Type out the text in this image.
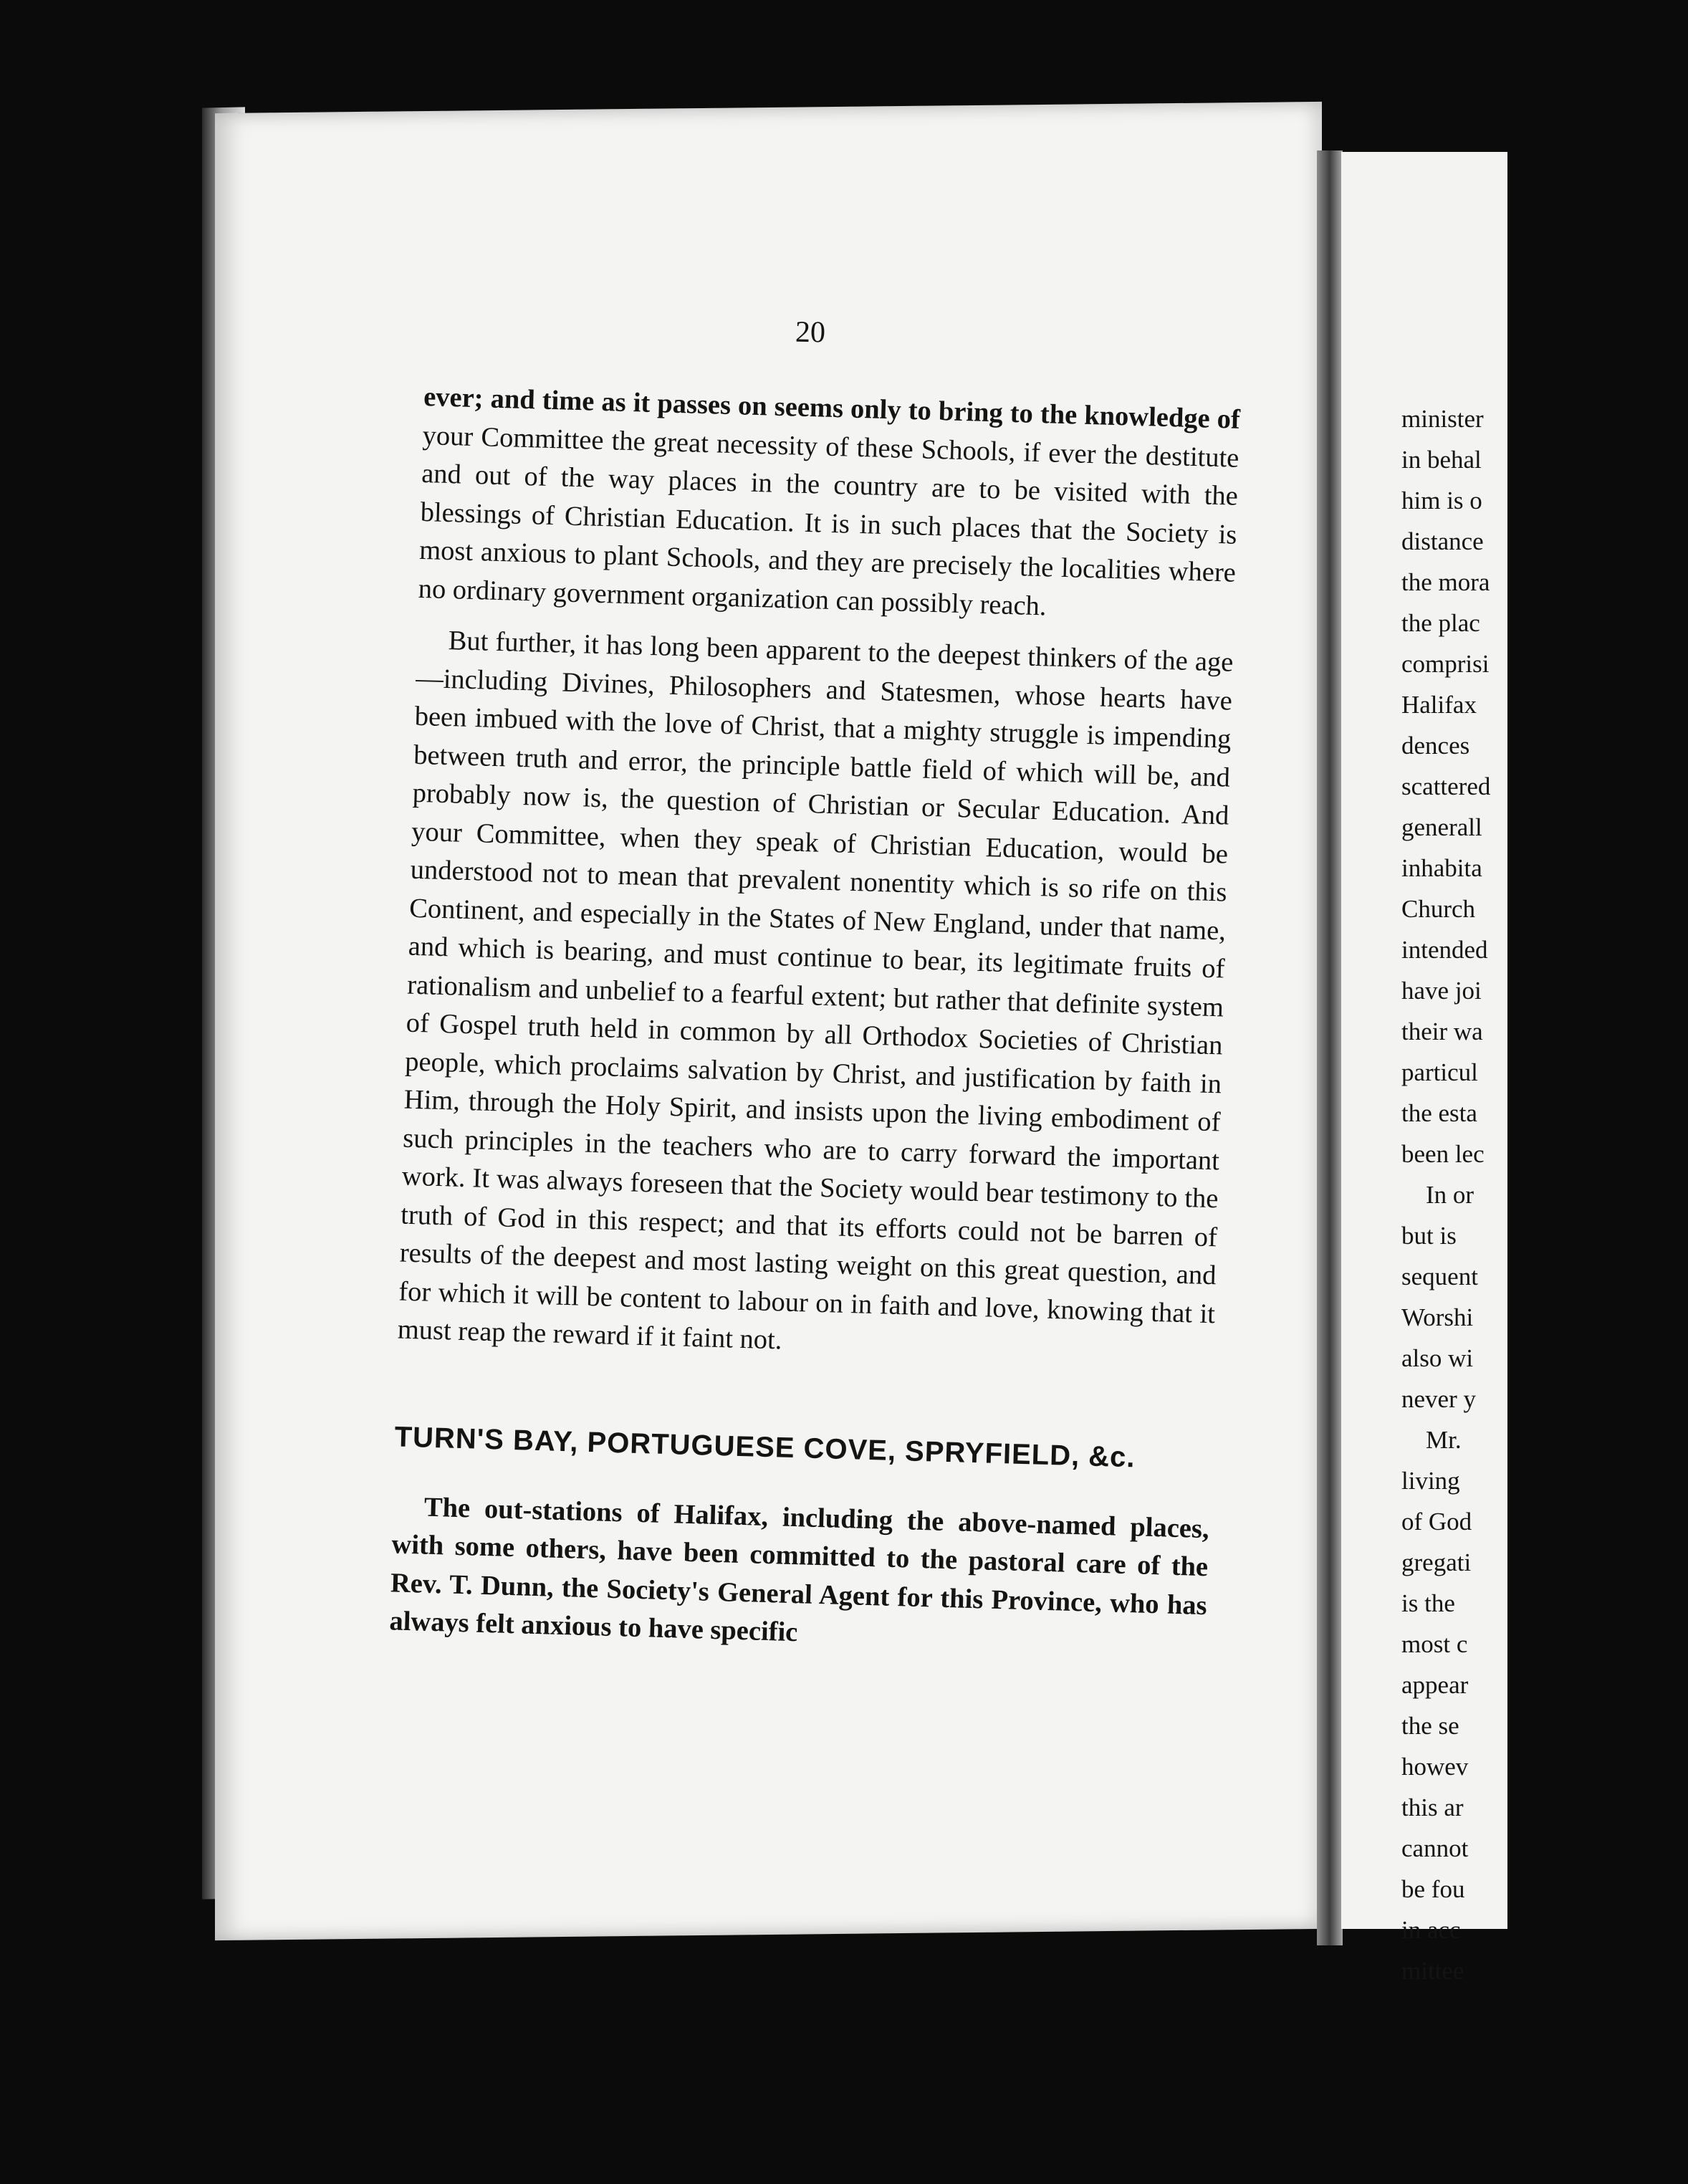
20

ever; and time as it passes on seems only to bring to the knowledge of your Committee the great necessity of these Schools, if ever the destitute and out of the way places in the country are to be visited with the blessings of Christian Education. It is in such places that the Society is most anxious to plant Schools, and they are precisely the localities where no ordinary government organization can possibly reach.

But further, it has long been apparent to the deepest thinkers of the age—including Divines, Philosophers and Statesmen, whose hearts have been imbued with the love of Christ, that a mighty struggle is impending between truth and error, the principle battle field of which will be, and probably now is, the question of Christian or Secular Education. And your Committee, when they speak of Christian Education, would be understood not to mean that prevalent nonentity which is so rife on this Continent, and especially in the States of New England, under that name, and which is bearing, and must continue to bear, its legitimate fruits of rationalism and unbelief to a fearful extent; but rather that definite system of Gospel truth held in common by all Orthodox Societies of Christian people, which proclaims salvation by Christ, and justification by faith in Him, through the Holy Spirit, and insists upon the living embodiment of such principles in the teachers who are to carry forward the important work. It was always foreseen that the Society would bear testimony to the truth of God in this respect; and that its efforts could not be barren of results of the deepest and most lasting weight on this great question, and for which it will be content to labour on in faith and love, knowing that it must reap the reward if it faint not.

TURN'S BAY, PORTUGUESE COVE, SPRYFIELD, &c.

The out-stations of Halifax, including the above-named places, with some others, have been committed to the pastoral care of the Rev. T. Dunn, the Society's General Agent for this Province, who has always felt anxious to have specific

minister
in behal
him is o
distance
the mora
the plac
comprisi
Halifax
dences
scattered
generall
inhabita
Church
intended
have joi
their wa
particul
the esta
been lec
In or
but is
sequent
Worshi
also wi
never y
Mr.
living
of God
gregati
is the
most c
appear
the se
howev
this ar
cannot
be fou
in acc
mittee
